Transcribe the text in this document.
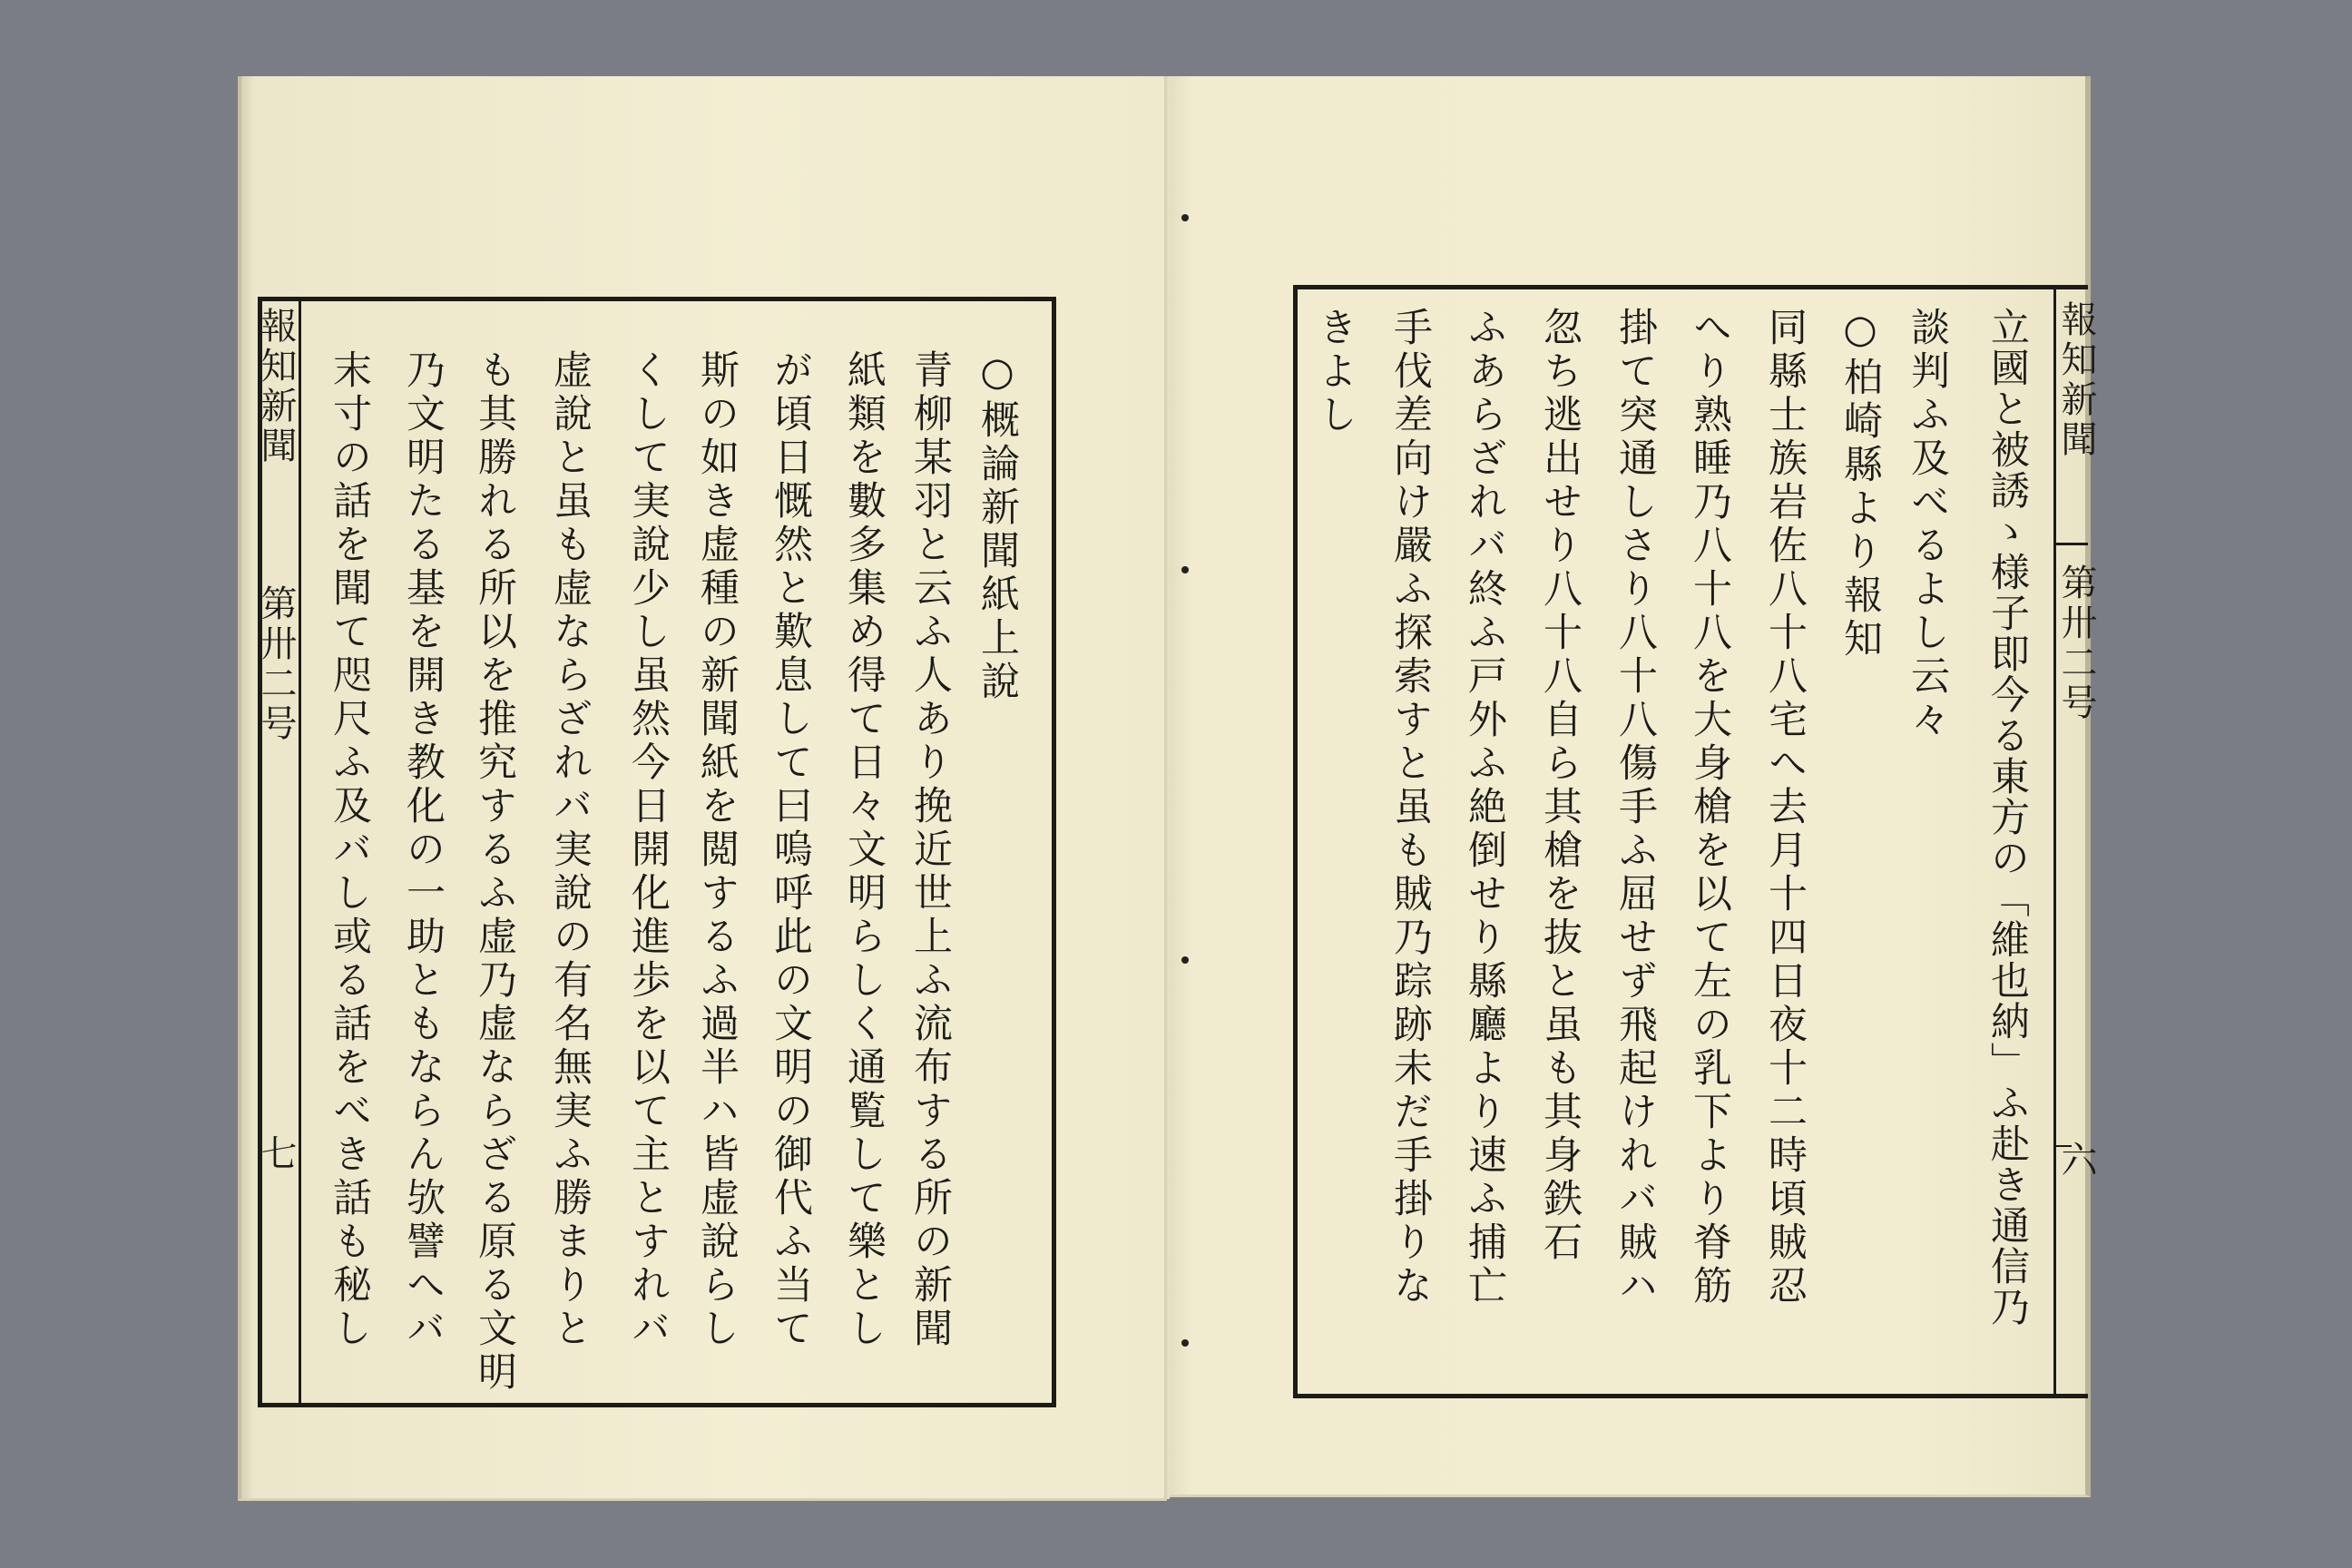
報知新聞
第卅二号
七
○概論新聞紙上說
青柳某羽と云ふ人あり挽近世上ふ流布する所の新聞
紙類を數多集め得て日々文明らしく通覧して樂とし
が頃日慨然と歎息して曰嗚呼此の文明の御代ふ当て
斯の如き虚種の新聞紙を閲するふ過半ハ皆虚說らし
くして実說少し虽然今日開化進歩を以て主とすれバ
虚說と虽も虚ならざれバ実說の有名無実ふ勝まりと
も其勝れる所以を推究するふ虚乃虚ならざる原る文明
乃文明たる基を開き教化の一助ともならん欤譬へバ
末寸の話を聞て咫尺ふ及バし或る話をべき話も秘し	報知新聞
第卅二号
六
立國と被誘ゝ様子即今る東方の「維也納」ふ赴き通信乃
談判ふ及べるよし云々
○柏崎縣より報知
同縣士族岩佐八十八宅へ去月十四日夜十二時頃賊忍
へり熟睡乃八十八を大身槍を以て左の乳下より脊筋
掛て突通しさり八十八傷手ふ屈せず飛起けれバ賊ハ
忽ち逃出せり八十八自ら其槍を抜と虽も其身鉄石
ふあらざれバ終ふ戸外ふ絶倒せり縣廳より速ふ捕亡
手伐差向け嚴ふ探索すと虽も賊乃踪跡未だ手掛りな
きよし
